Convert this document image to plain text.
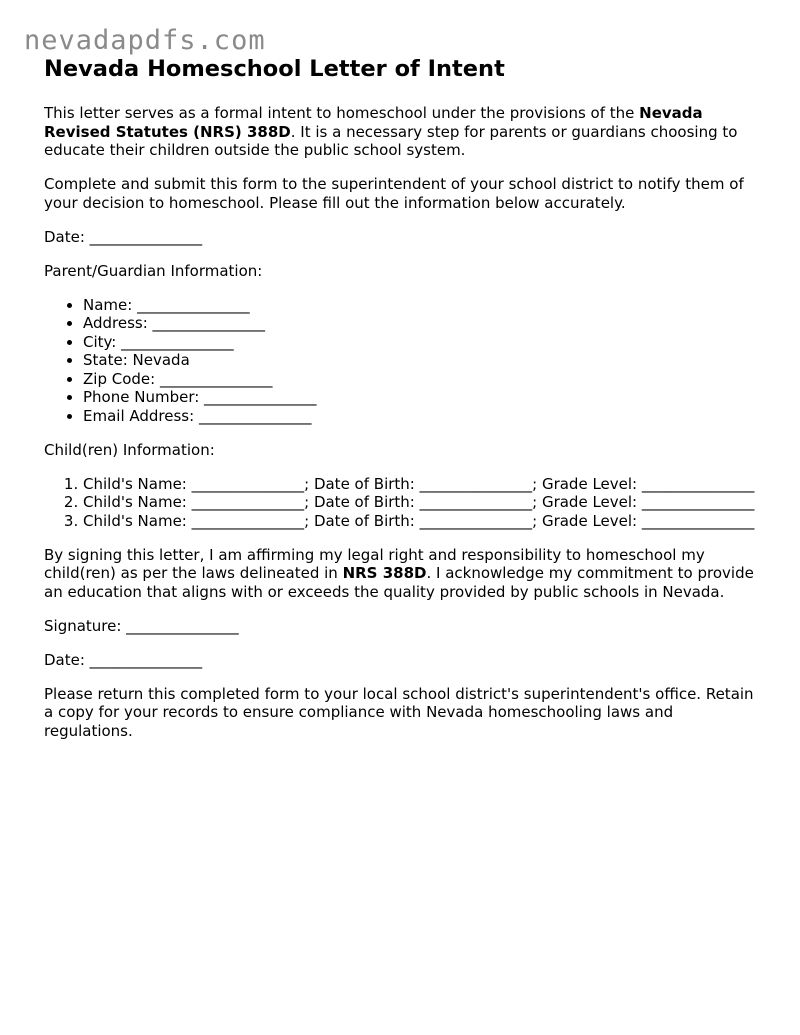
nevadapdfs.com
Nevada Homeschool Letter of Intent

This letter serves as a formal intent to homeschool under the provisions of the Nevada Revised Statutes (NRS) 388D. It is a necessary step for parents or guardians choosing to educate their children outside the public school system.

Complete and submit this form to the superintendent of your school district to notify them of your decision to homeschool. Please fill out the information below accurately.

Date: _______________

Parent/Guardian Information:

• Name: _______________
• Address: _______________
• City: _______________
• State: Nevada
• Zip Code: _______________
• Phone Number: _______________
• Email Address: _______________

Child(ren) Information:

1. Child's Name: _______________; Date of Birth: _______________; Grade Level: _______________
2. Child's Name: _______________; Date of Birth: _______________; Grade Level: _______________
3. Child's Name: _______________; Date of Birth: _______________; Grade Level: _______________

By signing this letter, I am affirming my legal right and responsibility to homeschool my child(ren) as per the laws delineated in NRS 388D. I acknowledge my commitment to provide an education that aligns with or exceeds the quality provided by public schools in Nevada.

Signature: _______________

Date: _______________

Please return this completed form to your local school district's superintendent's office. Retain a copy for your records to ensure compliance with Nevada homeschooling laws and regulations.
